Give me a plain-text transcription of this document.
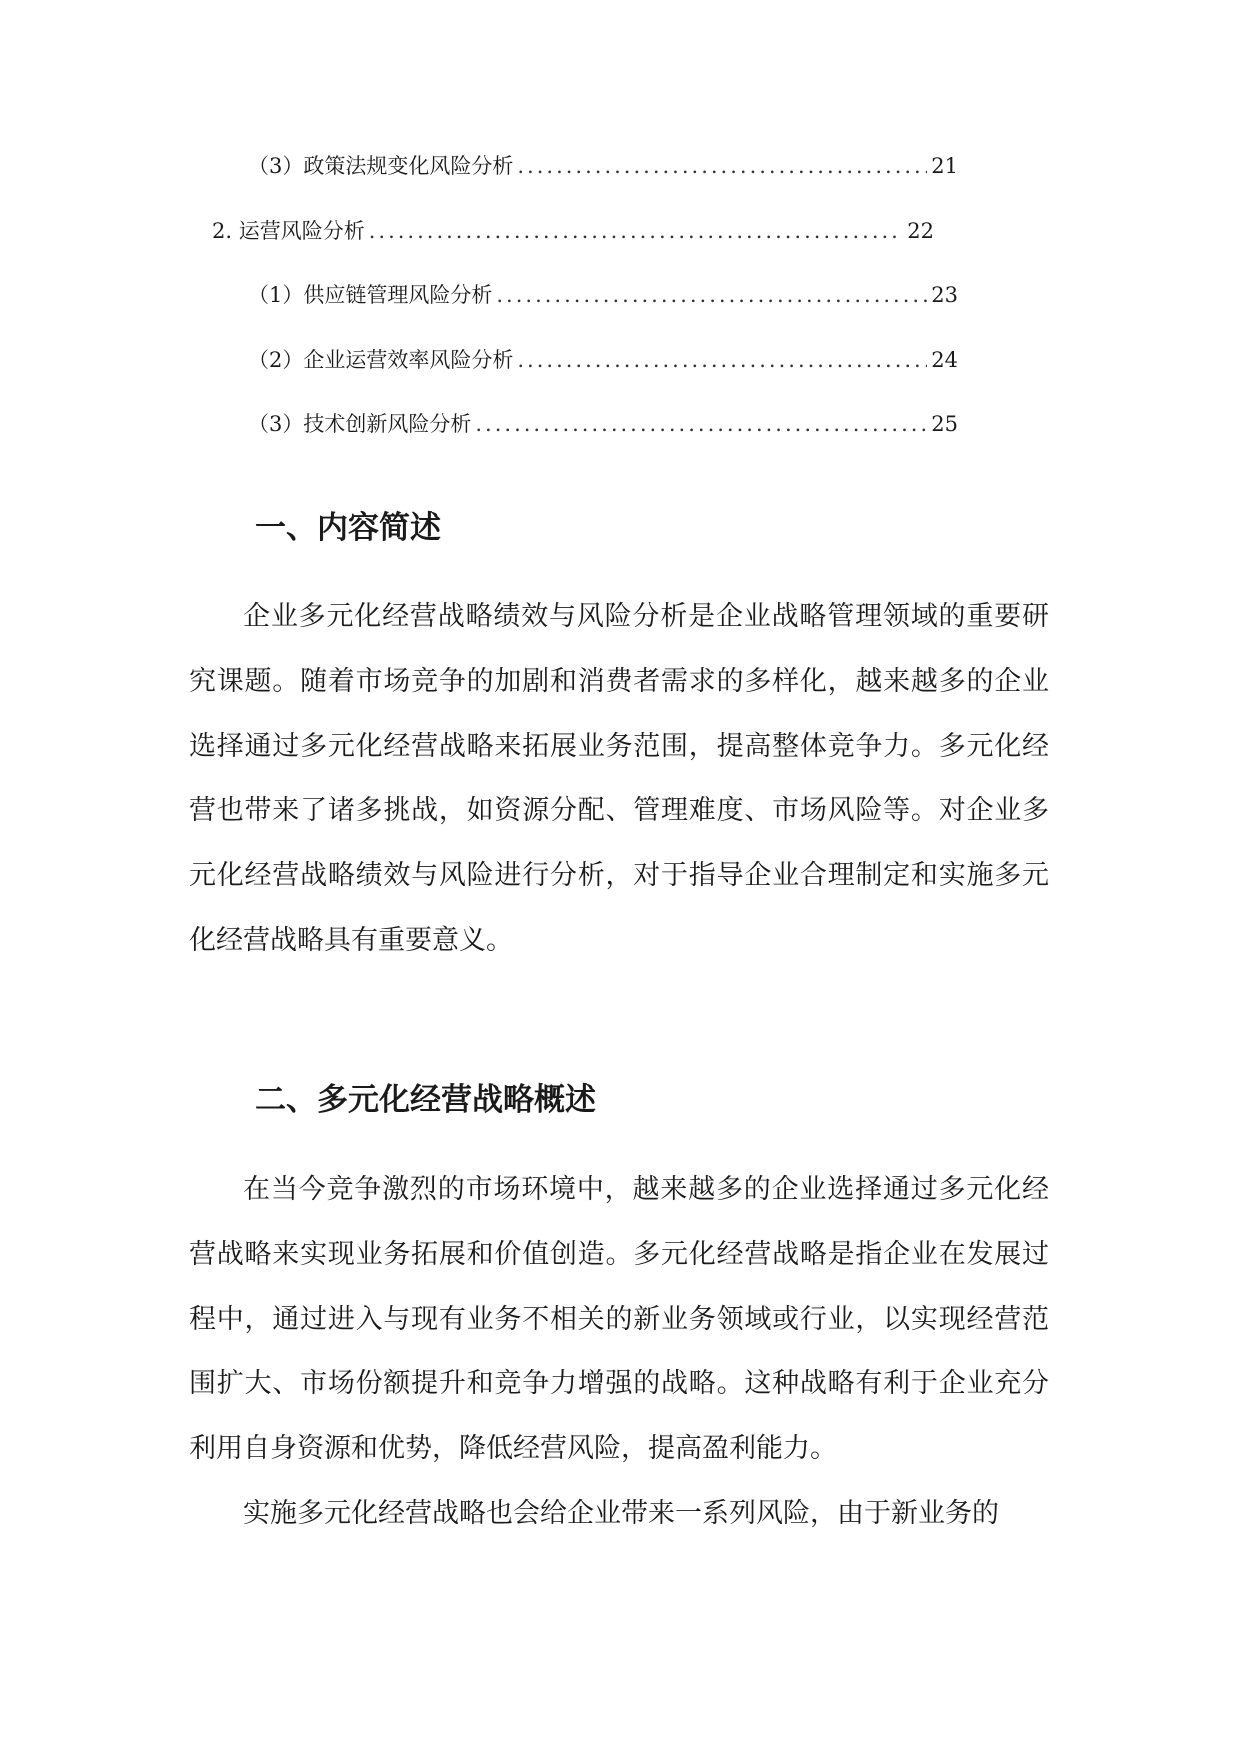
（3）政策法规变化风险分析 .....	21
2. 运营风险分析 .....	22
（1）供应链管理风险分析 .....	23
（2）企业运营效率风险分析 .....	24
（3）技术创新风险分析 .....	25
一、内容简述

企业多元化经营战略绩效与风险分析是企业战略管理领域的重要研究课题。随着市场竞争的加剧和消费者需求的多样化，越来越多的企业选择通过多元化经营战略来拓展业务范围，提高整体竞争力。多元化经营也带来了诸多挑战，如资源分配、管理难度、市场风险等。对企业多元化经营战略绩效与风险进行分析，对于指导企业合理制定和实施多元化经营战略具有重要意义。

二、多元化经营战略概述

在当今竞争激烈的市场环境中，越来越多的企业选择通过多元化经营战略来实现业务拓展和价值创造。多元化经营战略是指企业在发展过程中，通过进入与现有业务不相关的新业务领域或行业，以实现经营范围扩大、市场份额提升和竞争力增强的战略。这种战略有利于企业充分利用自身资源和优势，降低经营风险，提高盈利能力。

实施多元化经营战略也会给企业带来一系列风险，由于新业务的
